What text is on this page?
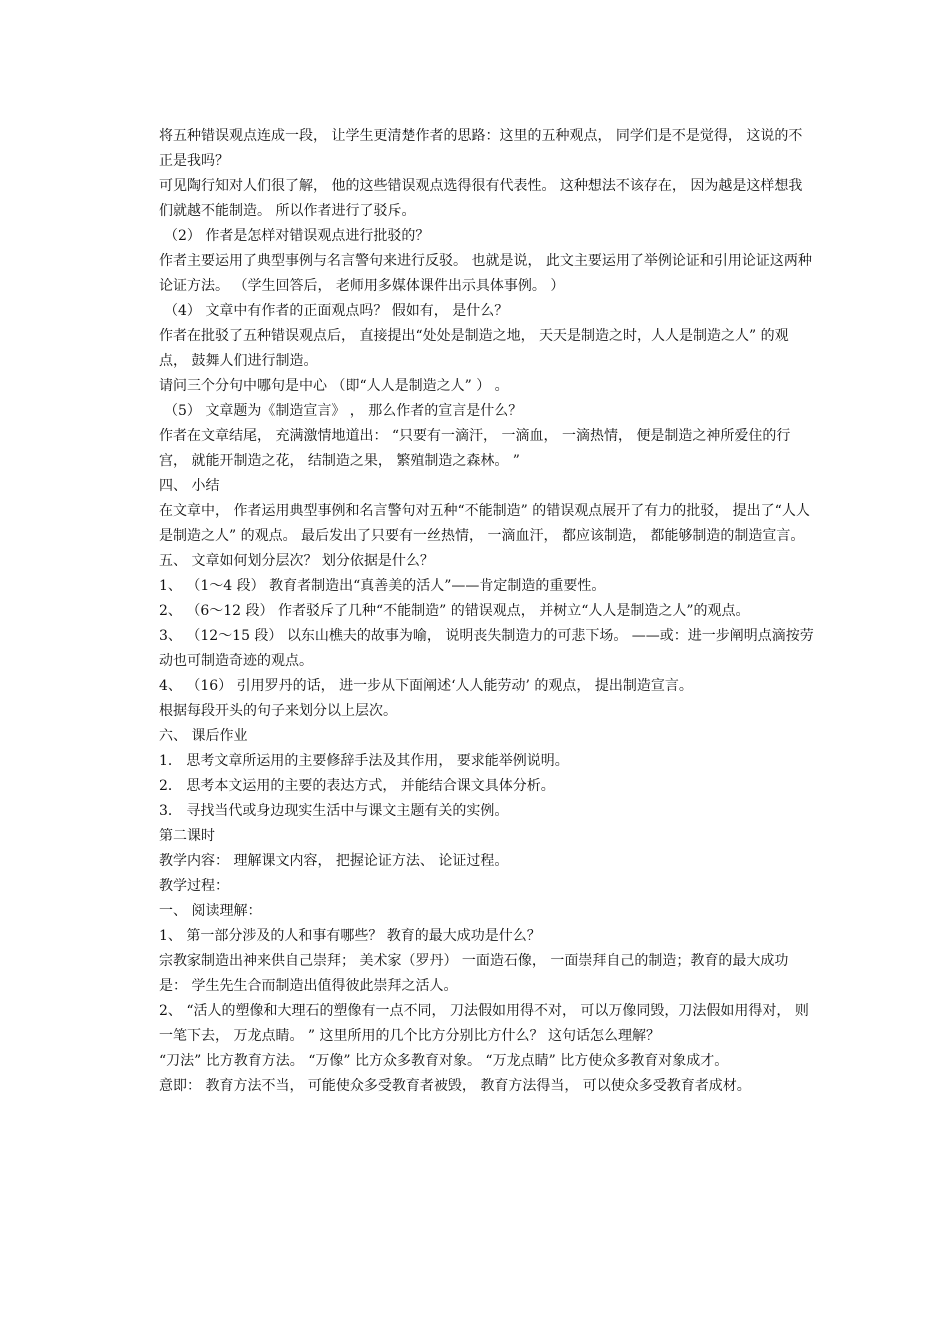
将五种错误观点连成一段， 让学生更清楚作者的思路：这里的五种观点， 同学们是不是觉得， 这说的不正是我吗？

可见陶行知对人们很了解， 他的这些错误观点选得很有代表性。 这种想法不该存在， 因为越是这样想我们就越不能制造。 所以作者进行了驳斥。

（2） 作者是怎样对错误观点进行批驳的？

作者主要运用了典型事例与名言警句来进行反驳。 也就是说， 此文主要运用了举例论证和引用论证这两种论证方法。 （学生回答后， 老师用多媒体课件出示具体事例。 ）

（4） 文章中有作者的正面观点吗？ 假如有， 是什么？

作者在批驳了五种错误观点后， 直接提出“处处是制造之地， 天天是制造之时，人人是制造之人” 的观点， 鼓舞人们进行制造。

请问三个分句中哪句是中心 （即“人人是制造之人” ） 。

（5） 文章题为《制造宣言》 ， 那么作者的宣言是什么？

作者在文章结尾， 充满激情地道出： “只要有一滴汗， 一滴血， 一滴热情， 便是制造之神所爱住的行宫， 就能开制造之花， 结制造之果， 繁殖制造之森林。 ”

四、 小结

在文章中， 作者运用典型事例和名言警句对五种“不能制造” 的错误观点展开了有力的批驳， 提出了“人人是制造之人” 的观点。 最后发出了只要有一丝热情， 一滴血汗， 都应该制造， 都能够制造的制造宣言。

五、 文章如何划分层次？ 划分依据是什么？

1、 （1～4 段） 教育者制造出“真善美的活人”——肯定制造的重要性。

2、 （6～12 段） 作者驳斥了几种“不能制造” 的错误观点， 并树立“人人是制造之人”的观点。

3、 （12～15 段） 以东山樵夫的故事为喻， 说明丧失制造力的可悲下场。 ——或：进一步阐明点滴按劳动也可制造奇迹的观点。

4、 （16） 引用罗丹的话， 进一步从下面阐述‘人人能劳动’ 的观点， 提出制造宣言。

根据每段开头的句子来划分以上层次。

六、 课后作业

1． 思考文章所运用的主要修辞手法及其作用， 要求能举例说明。

2． 思考本文运用的主要的表达方式， 并能结合课文具体分析。

3． 寻找当代或身边现实生活中与课文主题有关的实例。

第二课时

教学内容： 理解课文内容， 把握论证方法、 论证过程。

教学过程：

一、 阅读理解：

1、 第一部分涉及的人和事有哪些？ 教育的最大成功是什么？

宗教家制造出神来供自己崇拜； 美术家（罗丹） 一面造石像， 一面崇拜自己的制造；教育的最大成功是： 学生先生合而制造出值得彼此崇拜之活人。

2、 “活人的塑像和大理石的塑像有一点不同， 刀法假如用得不对， 可以万像同毁，刀法假如用得对， 则一笔下去， 万龙点睛。 ” 这里所用的几个比方分别比方什么？ 这句话怎么理解？

“刀法” 比方教育方法。 “万像” 比方众多教育对象。 “万龙点睛” 比方使众多教育对象成才。

意即： 教育方法不当， 可能使众多受教育者被毁， 教育方法得当， 可以使众多受教育者成材。
